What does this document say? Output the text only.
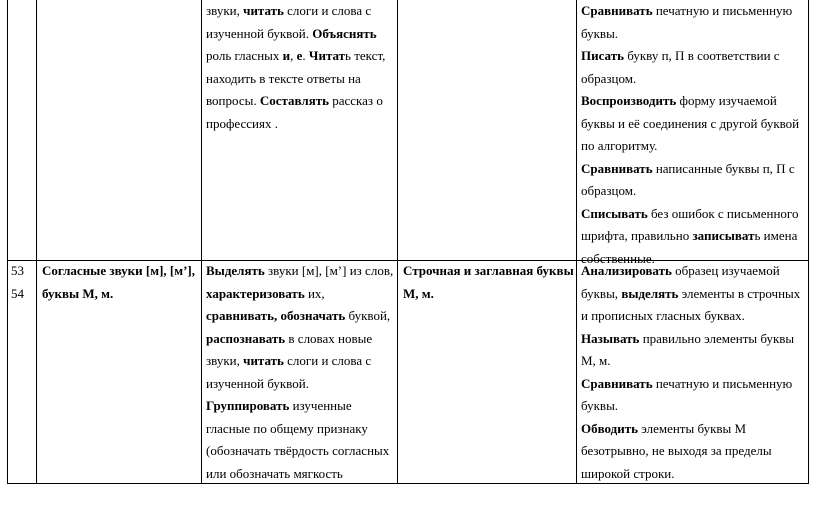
звуки, читать слоги и слова с

изученной буквой. Объяснять

роль гласных и, е. Читать текст,

находить в тексте ответы на

вопросы. Составлять рассказ о

профессиях .

Сравнивать печатную и письменную

буквы.

Писать букву п, П в соответствии с

образцом.

Воспроизводить форму изучаемой

буквы и её соединения с другой буквой

по алгоритму.

Сравнивать написанные буквы п, П с

образцом.

Списывать без ошибок с письменного

шрифта, правильно записывать имена

собственные.

53

54

Согласные звуки [м], [м’],

буквы М, м.

Выделять звуки [м], [м’] из слов,

характеризовать их,

сравнивать, обозначать буквой,

распознавать в словах новые

звуки, читать слоги и слова с

изученной буквой.

Группировать изученные

гласные по общему признаку

(обозначать твёрдость согласных

или обозначать мягкость

Строчная и заглавная буквы

М, м.

Анализировать образец изучаемой

буквы, выделять элементы в строчных

и прописных гласных буквах.

Называть правильно элементы буквы

М, м.

Сравнивать печатную и письменную

буквы.

Обводить элементы буквы М

безотрывно, не выходя за пределы

широкой строки.
